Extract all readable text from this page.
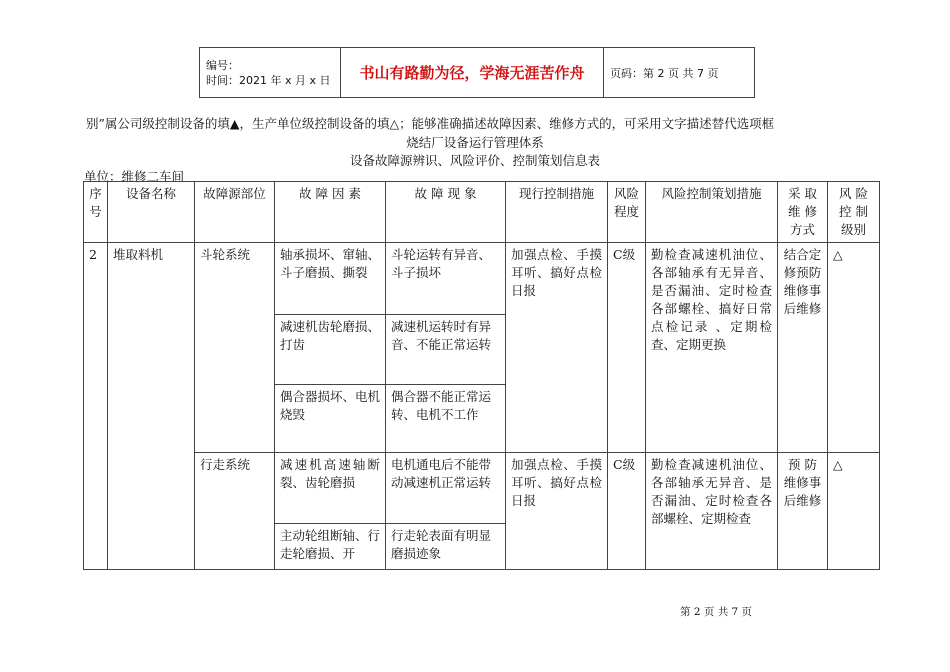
编号：
时间：2021 年 x 月 x 日	书山有路勤为径，学海无涯苦作舟	页码：第 2 页 共 7 页
别”属公司级控制设备的填▲，生产单位级控制设备的填△；能够准确描述故障因素、维修方式的，可采用文字描述替代选项框
烧结厂设备运行管理体系
设备故障源辨识、风险评价、控制策划信息表
单位：维修二车间
序号	设备名称	故障源部位	故 障 因 素	故 障 现 象	现行控制措施	风险程度	风险控制策划措施	采 取维 修方式	风 险控 制级别
2	堆取料机	斗轮系统	轴承损坏、窜轴、斗子磨损、撕裂	斗轮运转有异音、斗子损坏	加强点检、手摸耳听、搞好点检日报	C级	勤检查减速机油位、各部轴承有无异音、是否漏油、定时检查各部螺栓、搞好日常点检记录 、定期检查、定期更换	结合定修预防维修事后维修	△
			减速机齿轮磨损、打齿	减速机运转时有异音、不能正常运转					
			偶合器损坏、电机烧毁	偶合器不能正常运转、电机不工作					
		行走系统	减速机高速轴断裂、齿轮磨损	电机通电后不能带动减速机正常运转	加强点检、手摸耳听、搞好点检日报	C级	勤检查减速机油位、各部轴承无异音、是否漏油、定时检查各部螺栓、定期检查	预 防维修事 后维修	△
			主动轮组断轴、行走轮磨损、开	行走轮表面有明显磨损迹象					
第 2 页 共 7 页
